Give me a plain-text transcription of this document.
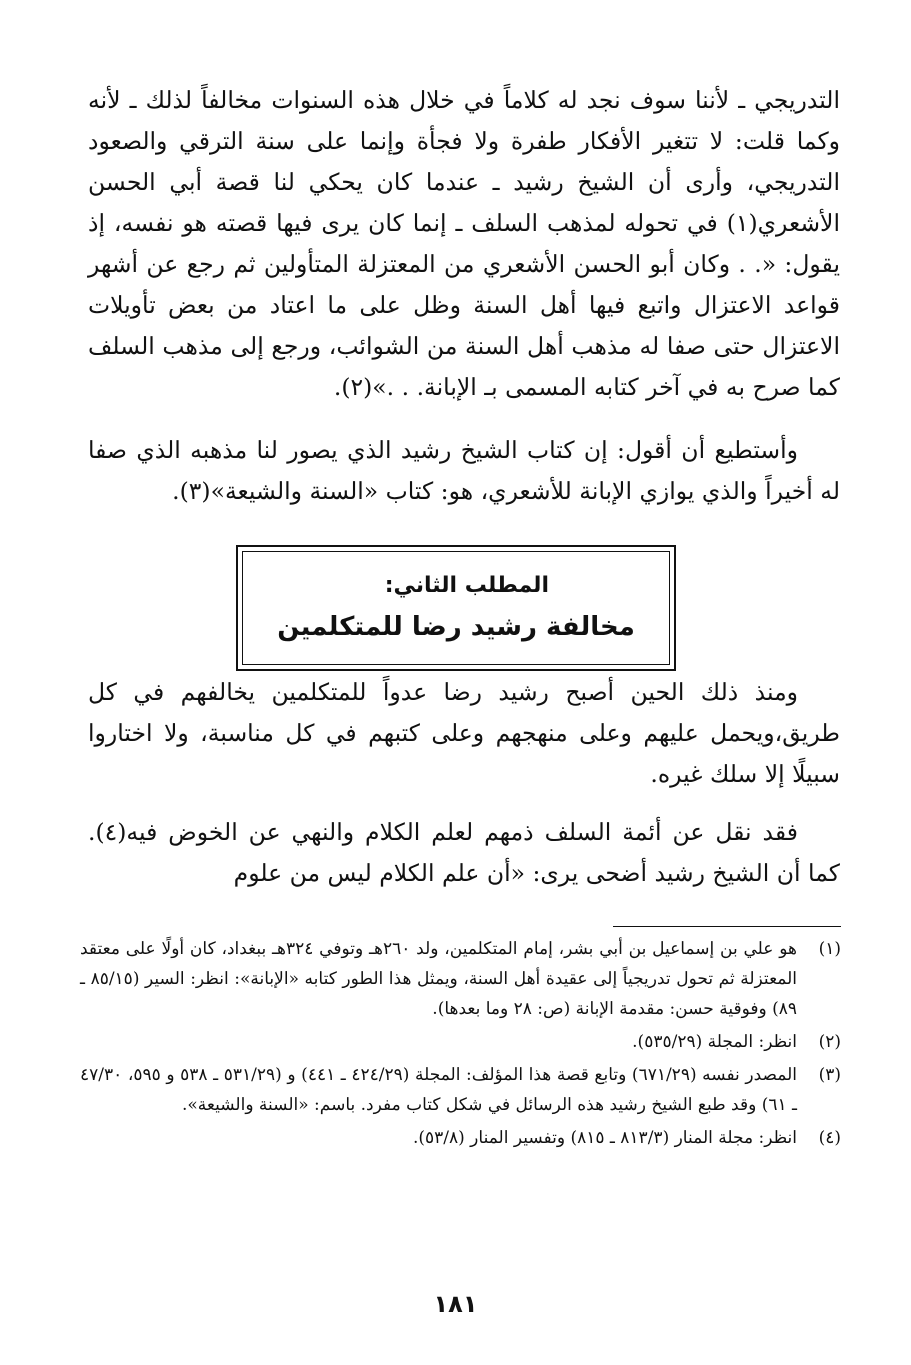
التدريجي ـ لأننا سوف نجد له كلاماً في خلال هذه السنوات مخالفاً لذلك ـ لأنه وكما قلت: لا تتغير الأفكار طفرة ولا فجأة وإنما على سنة الترقي والصعود التدريجي، وأرى أن الشيخ رشيد ـ عندما كان يحكي لنا قصة أبي الحسن الأشعري(١) في تحوله لمذهب السلف ـ إنما كان يرى فيها قصته هو نفسه، إذ يقول: «. . وكان أبو الحسن الأشعري من المعتزلة المتأولين ثم رجع عن أشهر قواعد الاعتزال واتبع فيها أهل السنة وظل على ما اعتاد من بعض تأويلات الاعتزال حتى صفا له مذهب أهل السنة من الشوائب، ورجع إلى مذهب السلف كما صرح به في آخر كتابه المسمى بـ الإبانة. . .»(٢).

وأستطيع أن أقول: إن كتاب الشيخ رشيد الذي يصور لنا مذهبه الذي صفا له أخيراً والذي يوازي الإبانة للأشعري، هو: كتاب «السنة والشيعة»(٣).

المطلب الثاني:
مخالفة رشيد رضا للمتكلمين

ومنذ ذلك الحين أصبح رشيد رضا عدواً للمتكلمين يخالفهم في كل طريق،ويحمل عليهم وعلى منهجهم وعلى كتبهم في كل مناسبة، ولا اختاروا سبيلًا إلا سلك غيره.

فقد نقل عن أئمة السلف ذمهم لعلم الكلام والنهي عن الخوض فيه(٤). كما أن الشيخ رشيد أضحى يرى: «أن علم الكلام ليس من علوم

(١)
هو علي بن إسماعيل بن أبي بشر، إمام المتكلمين، ولد ٢٦٠هـ وتوفي ٣٢٤هـ ببغداد، كان أولًا على معتقد المعتزلة ثم تحول تدريجياً إلى عقيدة أهل السنة، ويمثل هذا الطور كتابه «الإبانة»: انظر: السير (٨٥/١٥ ـ ٨٩) وفوقية حسن: مقدمة الإبانة (ص: ٢٨ وما بعدها).
(٢)
انظر: المجلة (٥٣٥/٢٩).
(٣)
المصدر نفسه (٦٧١/٢٩) وتابع قصة هذا المؤلف: المجلة (٤٢٤/٢٩ ـ ٤٤١) و (٥٣١/٢٩ ـ ٥٣٨ و ٥٩٥، ٤٧/٣٠ ـ ٦١) وقد طبع الشيخ رشيد هذه الرسائل في شكل كتاب مفرد. باسم: «السنة والشيعة».
(٤)
انظر: مجلة المنار (٨١٣/٣ ـ ٨١٥) وتفسير المنار (٥٣/٨).
١٨١
